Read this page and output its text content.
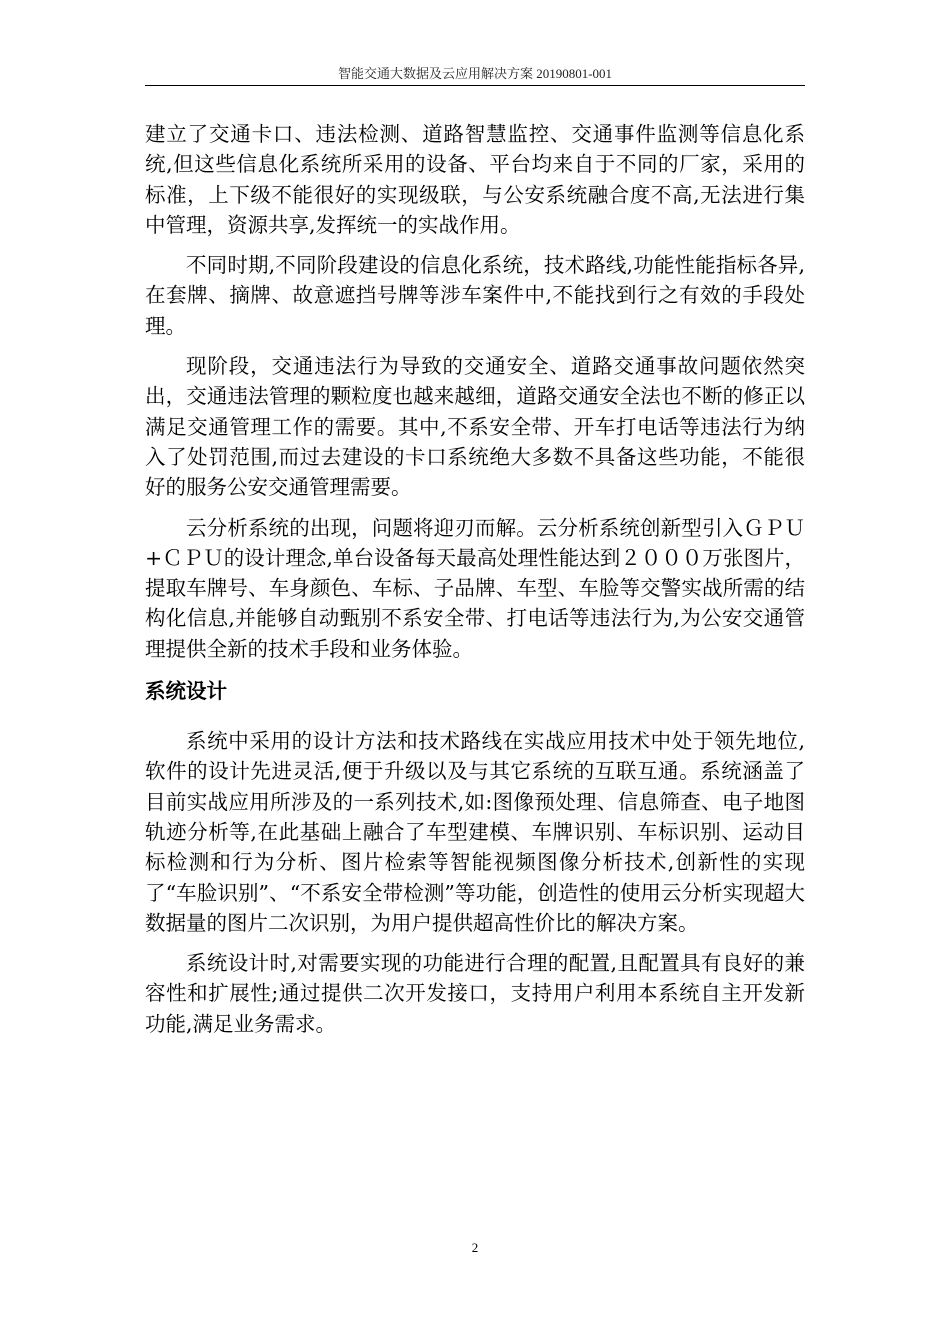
智能交通大数据及云应用解决方案 20190801-001

建立了交通卡口、违法检测、道路智慧监控、交通事件监测等信息化系统,但这些信息化系统所采用的设备、平台均来自于不同的厂家，采用的标准，上下级不能很好的实现级联，与公安系统融合度不高,无法进行集中管理，资源共享,发挥统一的实战作用。

不同时期,不同阶段建设的信息化系统，技术路线,功能性能指标各异,在套牌、摘牌、故意遮挡号牌等涉车案件中,不能找到行之有效的手段处理。

现阶段，交通违法行为导致的交通安全、道路交通事故问题依然突出，交通违法管理的颗粒度也越来越细，道路交通安全法也不断的修正以满足交通管理工作的需要。其中,不系安全带、开车打电话等违法行为纳入了处罚范围,而过去建设的卡口系统绝大多数不具备这些功能，不能很好的服务公安交通管理需要。

云分析系统的出现，问题将迎刃而解。云分析系统创新型引入ＧＰＵ+ＣＰＵ的设计理念,单台设备每天最高处理性能达到２０００万张图片，提取车牌号、车身颜色、车标、子品牌、车型、车脸等交警实战所需的结构化信息,并能够自动甄别不系安全带、打电话等违法行为,为公安交通管理提供全新的技术手段和业务体验。

系统设计

系统中采用的设计方法和技术路线在实战应用技术中处于领先地位,软件的设计先进灵活,便于升级以及与其它系统的互联互通。系统涵盖了目前实战应用所涉及的一系列技术,如:图像预处理、信息筛查、电子地图轨迹分析等,在此基础上融合了车型建模、车牌识别、车标识别、运动目标检测和行为分析、图片检索等智能视频图像分析技术,创新性的实现了“车脸识别”、“不系安全带检测”等功能，创造性的使用云分析实现超大数据量的图片二次识别，为用户提供超高性价比的解决方案。

系统设计时,对需要实现的功能进行合理的配置,且配置具有良好的兼容性和扩展性;通过提供二次开发接口，支持用户利用本系统自主开发新功能,满足业务需求。

2
